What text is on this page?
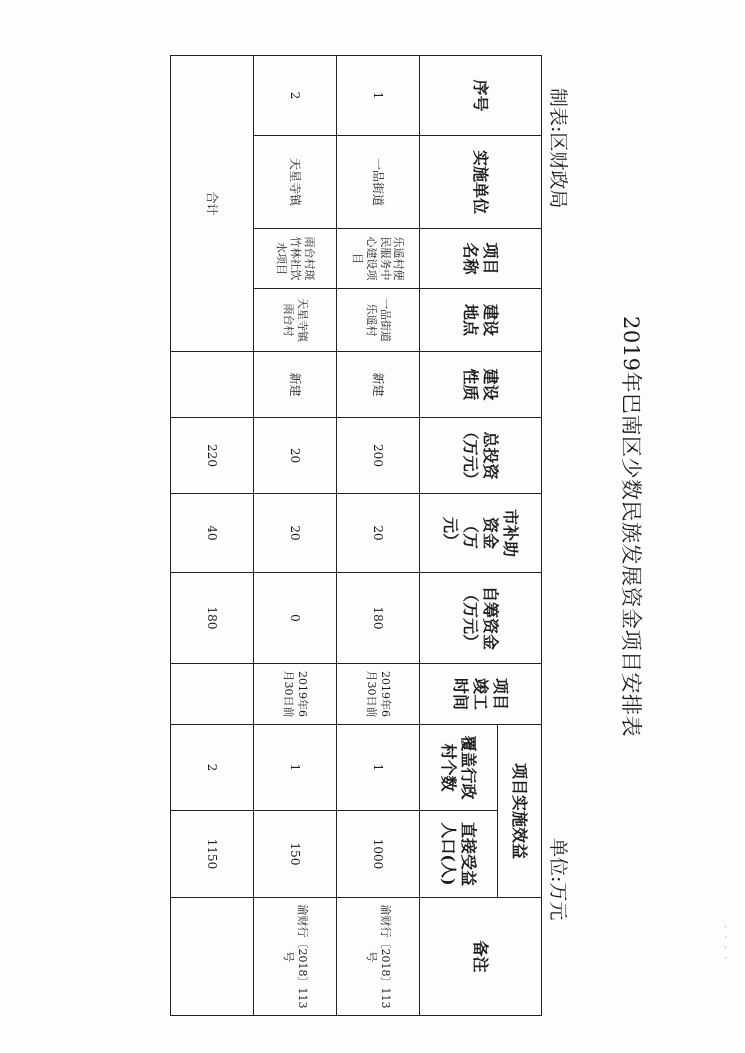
· · · ·
2019年巴南区少数民族发展资金项目安排表
制表:区财政局
单位:万元
序号	实施单位	项目名称	建设地点	建设性质	总投资（万元）	市补助资金（万元）	自筹资金（万元）	项目竣工时间	项目实施效益		备注
									覆盖行政村个数	直接受益人口(人)	
1	一品街道	乐遥村便民服务中心建设项目	一品街道乐遥村	新建	200	20	180	2019年6月30日前	1	1000	渝财行〔2018〕113号
2	天星寺镇	雨台村斑竹林社饮水项目	天星寺镇雨台村	新建	20	20	0	2019年6月30日前	1	150	渝财行〔2018〕113号
合计					220	40	180		2	1150	
